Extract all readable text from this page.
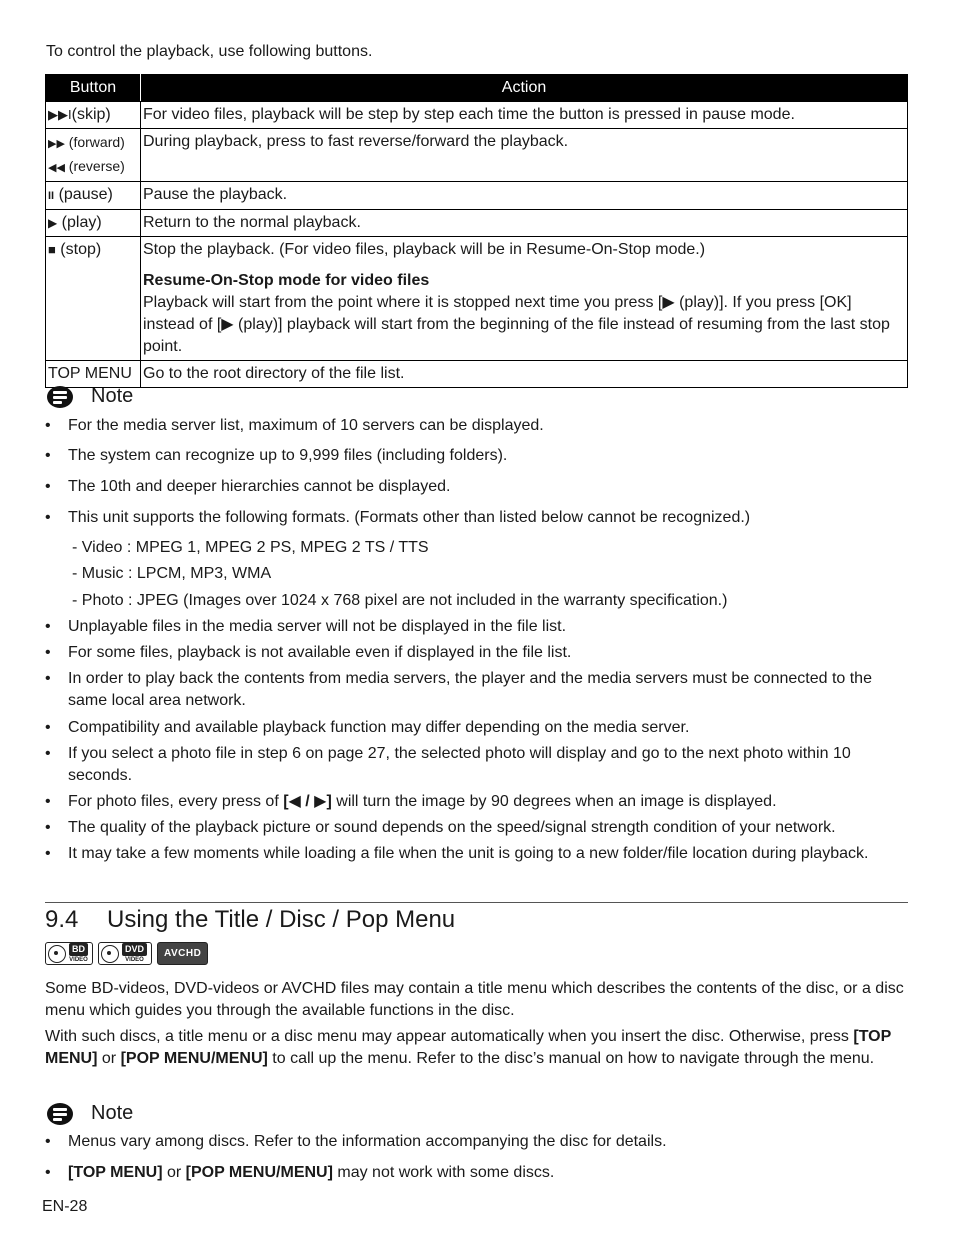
To control the playback, use following buttons.
Button	Action
▶▶I(skip)	For video files, playback will be step by step each time the button is pressed in pause mode.

▶▶ (forward)
◀◀ (reverse)	During playback, press to fast reverse/forward the playback.
II (pause)	Pause the playback.
▶ (play)	Return to the normal playback.
■ (stop)	Stop the playback. (For video files, playback will be in Resume-On-Stop mode.)
Resume-On-Stop mode for video files
Playback will start from the point where it is stopped next time you press [▶ (play)]. If you press [OK] instead of [▶ (play)] playback will start from the beginning of the file instead of resuming from the last stop point.

TOP MENU	Go to the root directory of the file list.
Note
•	For the media server list, maximum of 10 servers can be displayed.
•	The system can recognize up to 9,999 files (including folders).
•	The 10th and deeper hierarchies cannot be displayed.
•	This unit supports the following formats. (Formats other than listed below cannot be recognized.)
- Video : MPEG 1, MPEG 2 PS, MPEG 2 TS / TTS
- Music : LPCM, MP3, WMA
- Photo : JPEG (Images over 1024 x 768 pixel are not included in the warranty specification.)
•	Unplayable files in the media server will not be displayed in the file list.
•	For some files, playback is not available even if displayed in the file list.
•	In order to play back the contents from media servers, the player and the media servers must be connected to the same local area network.
•	Compatibility and available playback function may differ depending on the media server.
•	If you select a photo file in step 6 on page 27, the selected photo will display and go to the next photo within 10 seconds.
•	For photo files, every press of [◀ / ▶] will turn the image by 90 degrees when an image is displayed.
•	The quality of the playback picture or sound depends on the speed/signal strength condition of your network.
•	It may take a few moments while loading a file when the unit is going to a new folder/file location during playback.
9.4 Using the Title / Disc / Pop Menu
BD
VIDEO
DVD
VIDEO
AVCHD
Some BD-videos, DVD-videos or AVCHD files may contain a title menu which describes the contents of the disc, or a disc menu which guides you through the available functions in the disc.
With such discs, a title menu or a disc menu may appear automatically when you insert the disc. Otherwise, press [TOP MENU] or [POP MENU/MENU] to call up the menu. Refer to the disc’s manual on how to navigate through the menu.
Note
•	Menus vary among discs. Refer to the information accompanying the disc for details.
•	[TOP MENU] or [POP MENU/MENU] may not work with some discs.
EN-28
